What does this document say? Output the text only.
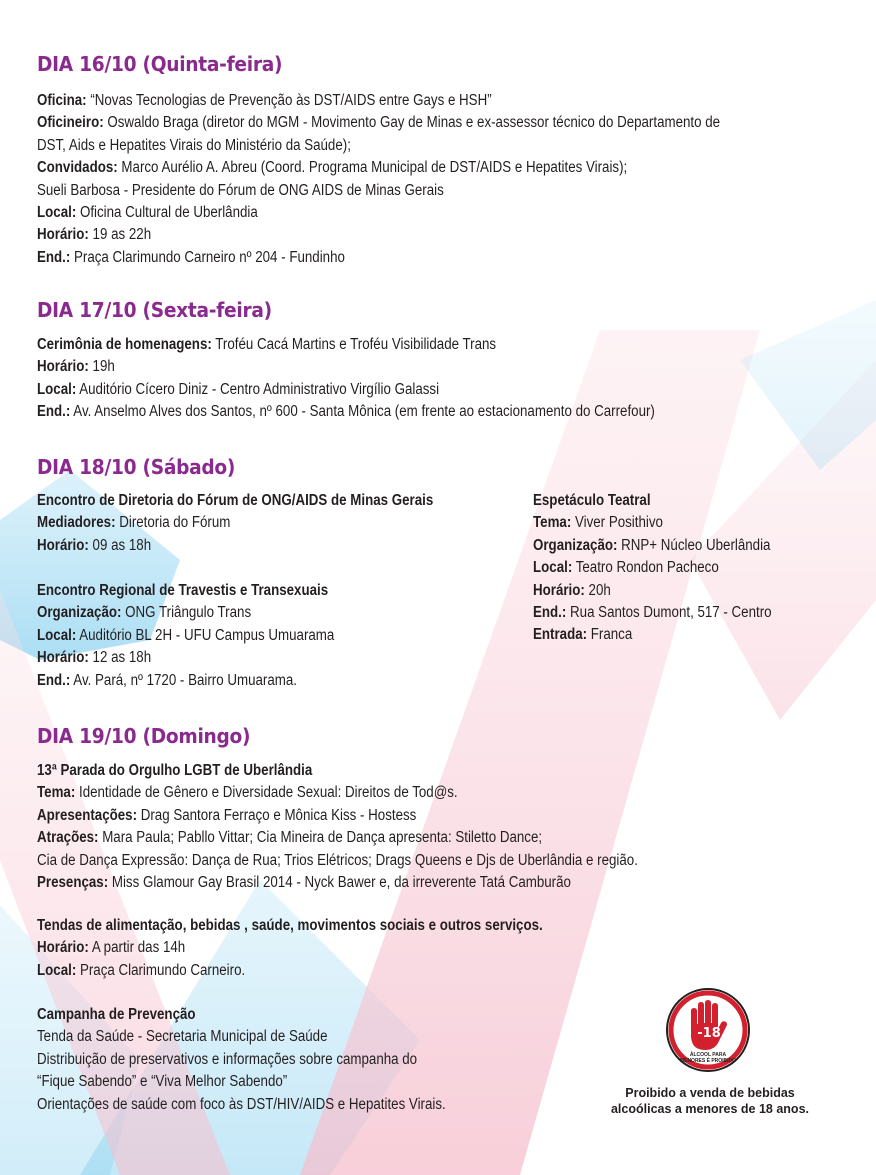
DIA 16/10 (Quinta-feira)
Oficina: “Novas Tecnologias de Prevenção às DST/AIDS entre Gays e HSH”
Oficineiro: Oswaldo Braga (diretor do MGM - Movimento Gay de Minas e ex-assessor técnico do Departamento de
DST, Aids e Hepatites Virais do Ministério da Saúde);
Convidados: Marco Aurélio A. Abreu (Coord. Programa Municipal de DST/AIDS e Hepatites Virais);
Sueli Barbosa - Presidente do Fórum de ONG AIDS de Minas Gerais
Local: Oficina Cultural de Uberlândia
Horário: 19 as 22h
End.: Praça Clarimundo Carneiro nº 204 - Fundinho
DIA 17/10 (Sexta-feira)
Cerimônia de homenagens: Troféu Cacá Martins e Troféu Visibilidade Trans
Horário: 19h
Local: Auditório Cícero Diniz - Centro Administrativo Virgílio Galassi
End.: Av. Anselmo Alves dos Santos, nº 600 - Santa Mônica (em frente ao estacionamento do Carrefour)
DIA 18/10 (Sábado)
Encontro de Diretoria do Fórum de ONG/AIDS de Minas Gerais
Mediadores: Diretoria do Fórum
Horário: 09 as 18h
Encontro Regional de Travestis e Transexuais
Organização: ONG Triângulo Trans
Local: Auditório BL 2H - UFU Campus Umuarama
Horário: 12 as 18h
End.: Av. Pará, nº 1720 - Bairro Umuarama.
Espetáculo Teatral
Tema: Viver Posithivo
Organização: RNP+ Núcleo Uberlândia
Local: Teatro Rondon Pacheco
Horário: 20h
End.: Rua Santos Dumont, 517 - Centro
Entrada: Franca
DIA 19/10 (Domingo)
13ª Parada do Orgulho LGBT de Uberlândia
Tema: Identidade de Gênero e Diversidade Sexual: Direitos de Tod@s.
Apresentações: Drag Santora Ferraço e Mônica Kiss - Hostess
Atrações: Mara Paula; Pabllo Vittar; Cia Mineira de Dança apresenta: Stiletto Dance;
Cia de Dança Expressão: Dança de Rua; Trios Elétricos; Drags Queens e Djs de Uberlândia e região.
Presenças: Miss Glamour Gay Brasil 2014 - Nyck Bawer e, da irreverente Tatá Camburão
Tendas de alimentação, bebidas , saúde, movimentos sociais e outros serviços.
Horário: A partir das 14h
Local: Praça Clarimundo Carneiro.
Campanha de Prevenção
Tenda da Saúde - Secretaria Municipal de Saúde
Distribuição de preservativos e informações sobre campanha do
“Fique Sabendo” e “Viva Melhor Sabendo”
Orientações de saúde com foco às DST/HIV/AIDS e Hepatites Virais.
-18
ÁLCOOL PARA
MENORES É PROIBIDO
Proibido a venda de bebidas
alcoólicas a menores de 18 anos.
